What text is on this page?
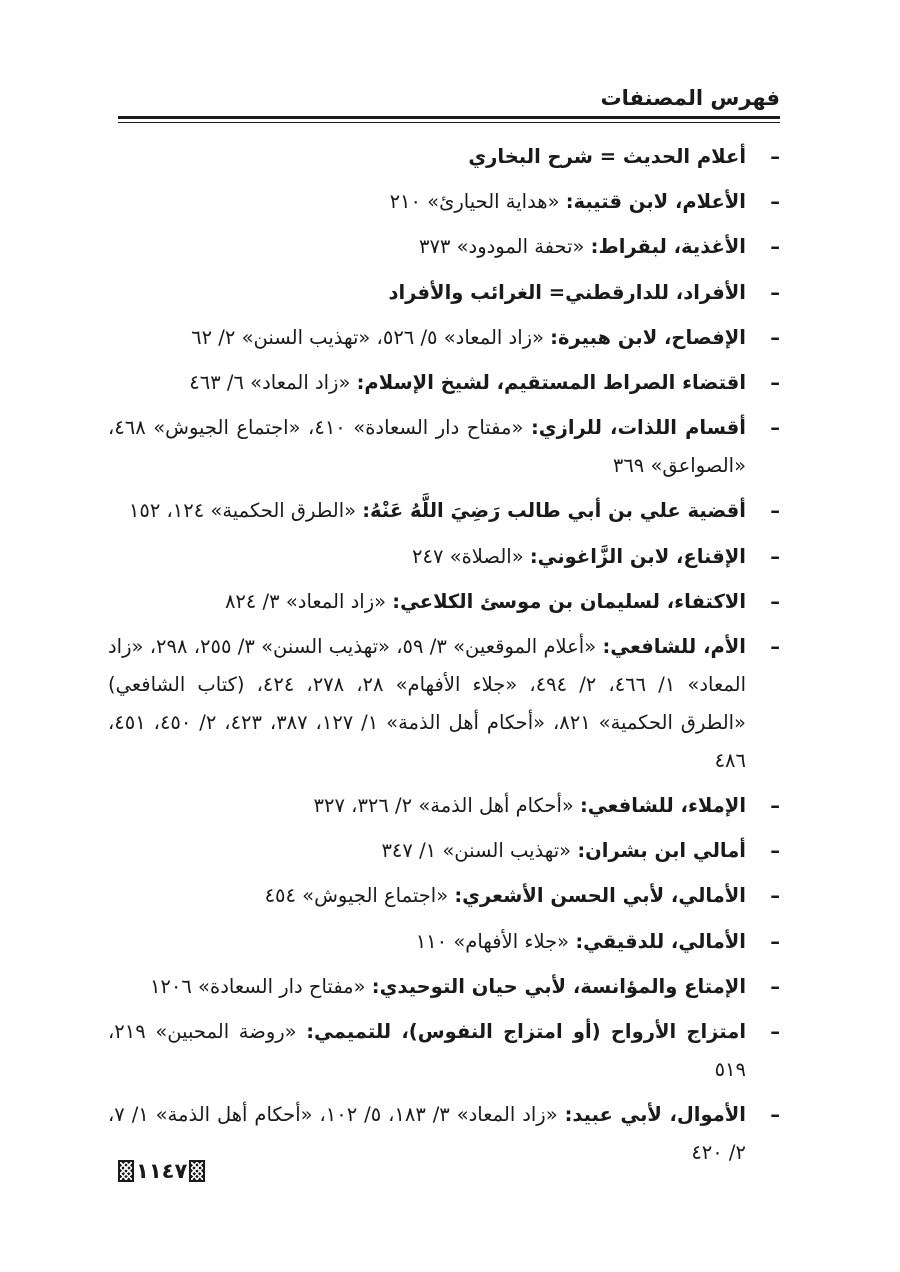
فهرس المصنفات
–
أعلام الحديث = شرح البخاري
–
الأعلام، لابن قتيبة: «هداية الحيارئ» ٢١٠
–
الأغذية، لبقراط: «تحفة المودود» ٣٧٣
–
الأفراد، للدارقطني= الغرائب والأفراد
–
الإفصاح، لابن هبيرة: «زاد المعاد» ٥/ ٥٢٦، «تهذيب السنن» ٢/ ٦٢
–
اقتضاء الصراط المستقيم، لشيخ الإسلام: «زاد المعاد» ٦/ ٤٦٣
–
أقسام اللذات، للرازي: «مفتاح دار السعادة» ٤١٠، «اجتماع الجيوش» ٤٦٨، «الصواعق» ٣٦٩
–
أقضية علي بن أبي طالب رَضِيَ اللَّهُ عَنْهُ: «الطرق الحكمية» ١٢٤، ١٥٢
–
الإقناع، لابن الزَّاغوني: «الصلاة» ٢٤٧
–
الاكتفاء، لسليمان بن موسئ الكلاعي: «زاد المعاد» ٣/ ٨٢٤
–
الأم، للشافعي: «أعلام الموقعين» ٣/ ٥٩، «تهذيب السنن» ٣/ ٢٥٥، ٢٩٨، «زاد المعاد» ١/ ٤٦٦، ٢/ ٤٩٤، «جلاء الأفهام» ٢٨، ٢٧٨، ٤٢٤، (كتاب الشافعي) «الطرق الحكمية» ٨٢١، «أحكام أهل الذمة» ١/ ١٢٧، ٣٨٧، ٤٢٣، ٢/ ٤٥٠، ٤٥١، ٤٨٦
–
الإملاء، للشافعي: «أحكام أهل الذمة» ٢/ ٣٢٦، ٣٢٧
–
أمالي ابن بشران: «تهذيب السنن» ١/ ٣٤٧
–
الأمالي، لأبي الحسن الأشعري: «اجتماع الجيوش» ٤٥٤
–
الأمالي، للدقيقي: «جلاء الأفهام» ١١٠
–
الإمتاع والمؤانسة، لأبي حيان التوحيدي: «مفتاح دار السعادة» ١٢٠٦
–
امتزاج الأرواح (أو امتزاج النفوس)، للتميمي: «روضة المحبين» ٢١٩، ٥١٩
–
الأموال، لأبي عبيد: «زاد المعاد» ٣/ ١٨٣، ٥/ ١٠٢، «أحكام أهل الذمة» ١/ ٧، ٢/ ٤٢٠
١١٤٧
